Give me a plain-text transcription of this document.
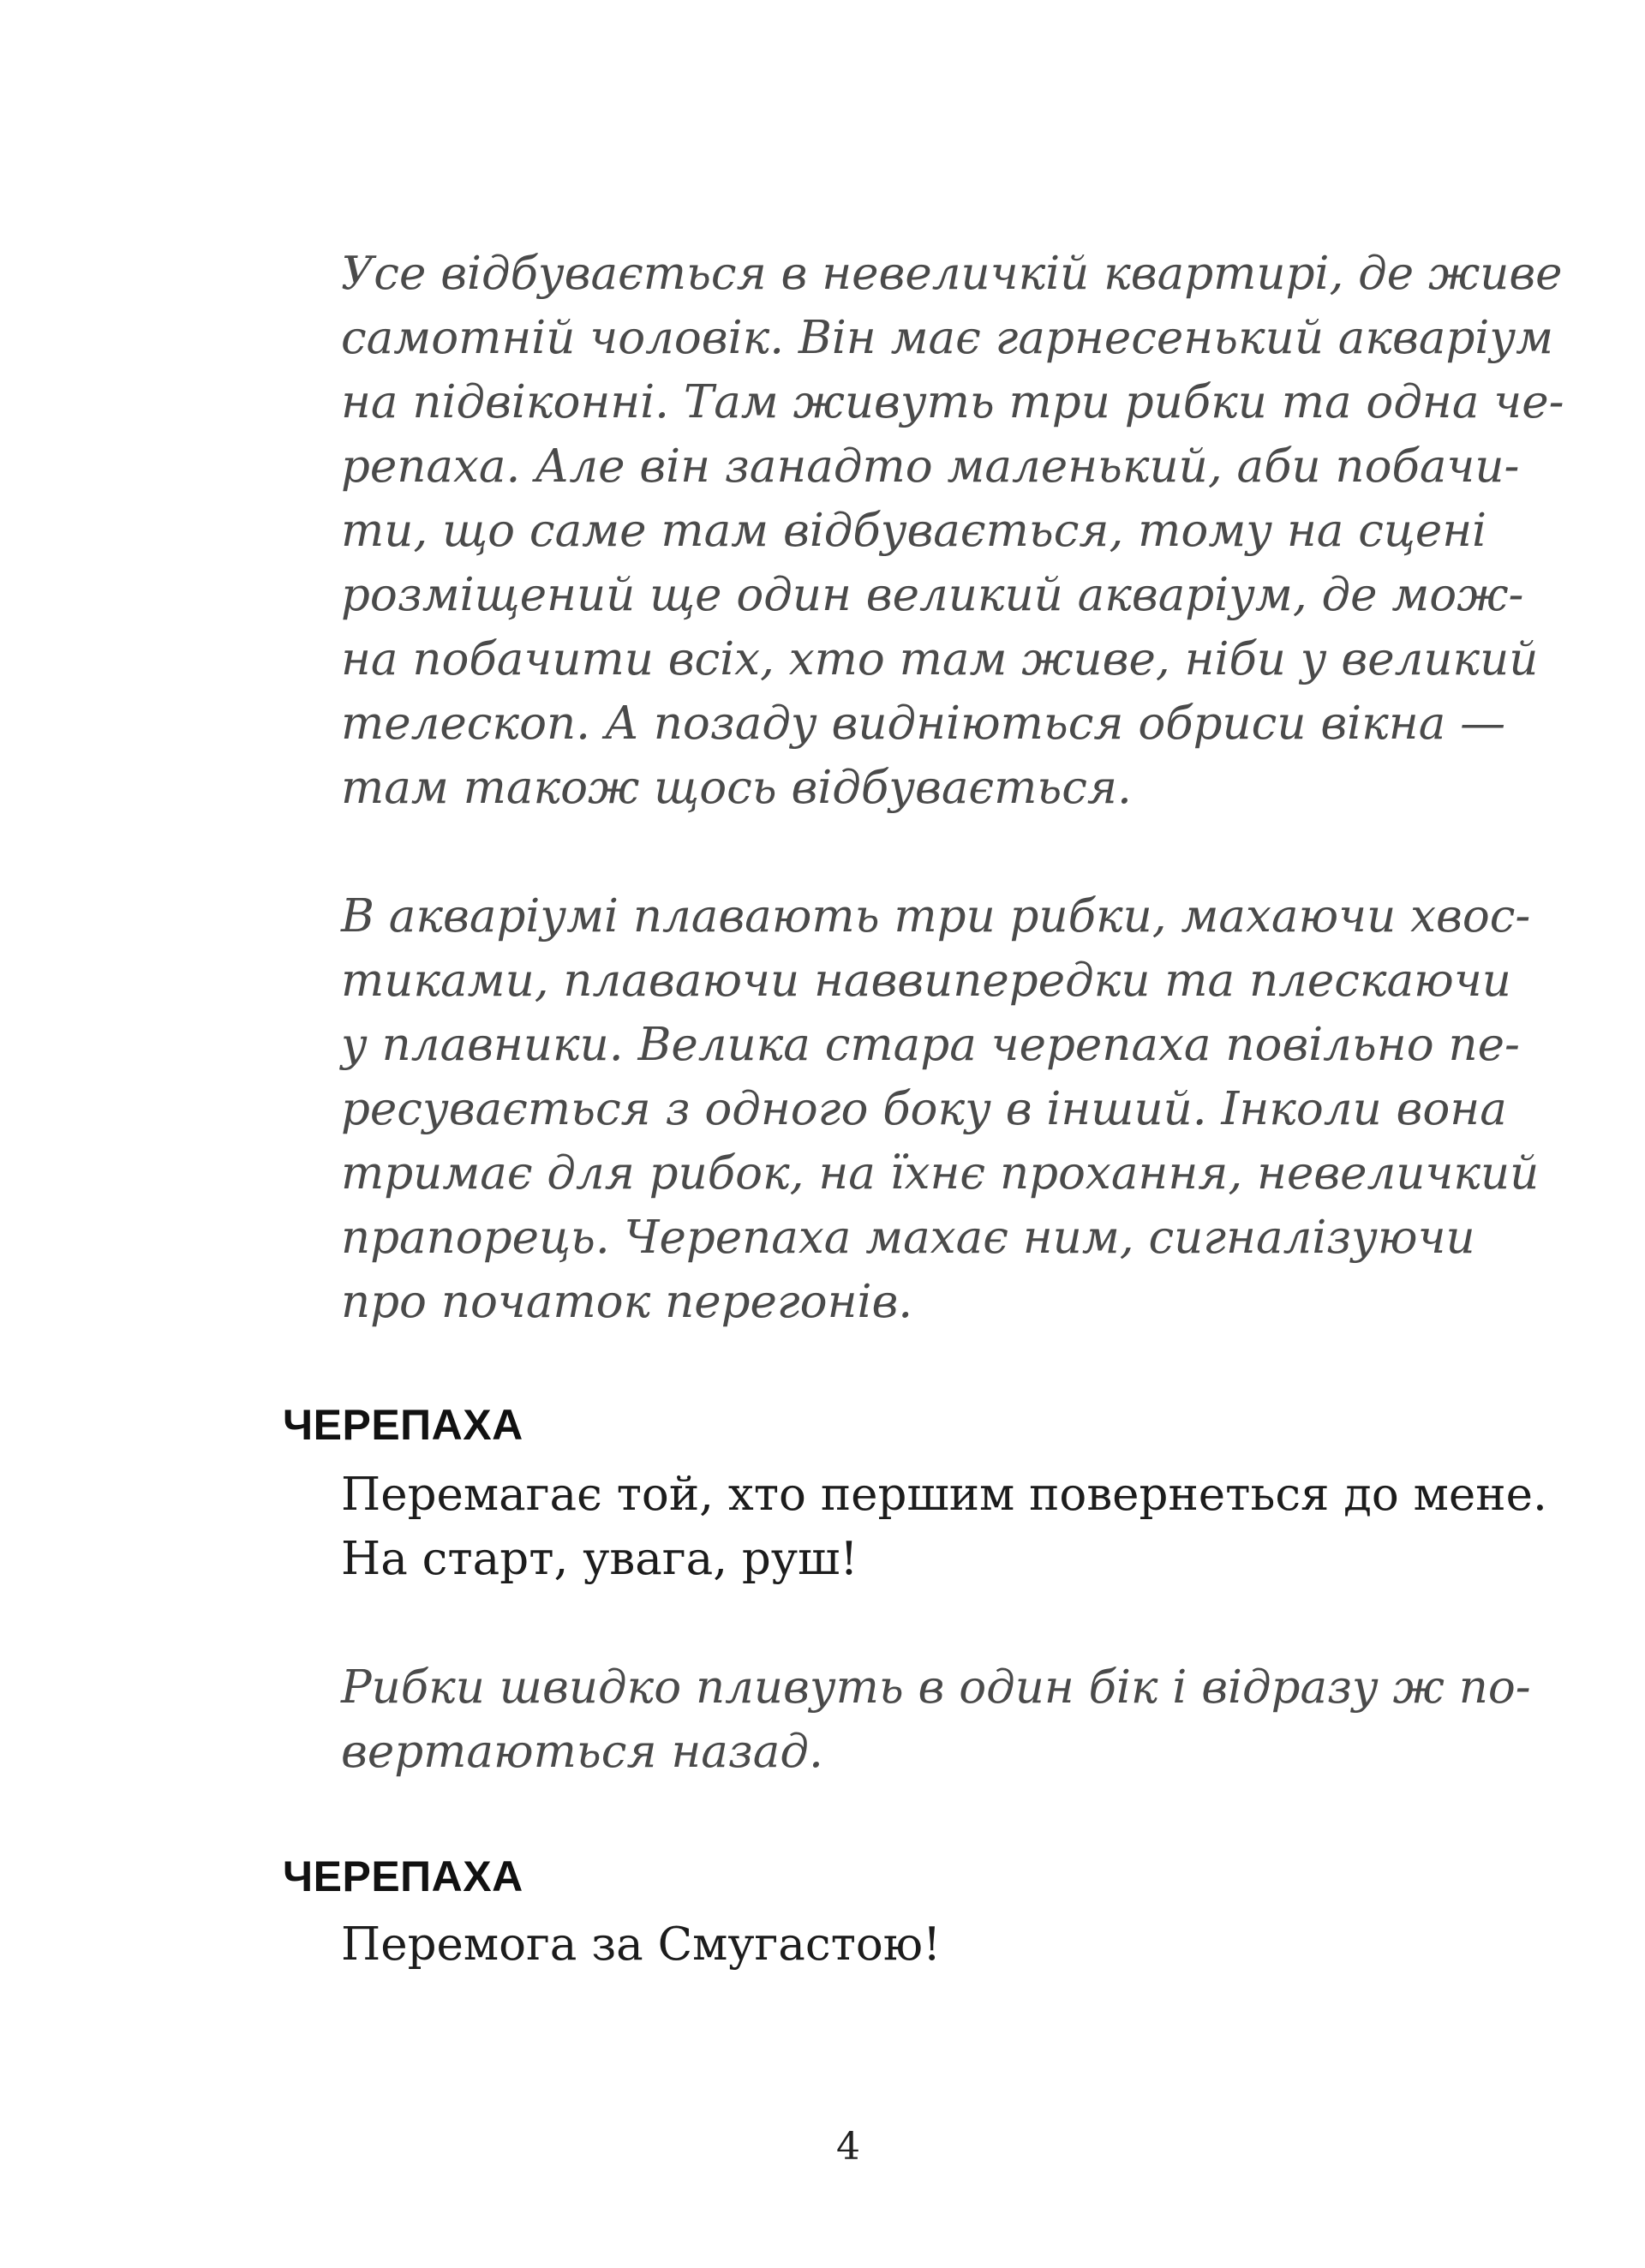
Усе відбувається в невеличкій квартирі, де живе
самотній чоловік. Він має гарнесенький акваріум
на підвіконні. Там живуть три рибки та одна че-
репаха. Але він занадто маленький, аби побачи-
ти, що саме там відбувається, тому на сцені
розміщений ще один великий акваріум, де мож-
на побачити всіх, хто там живе, ніби у великий
телескоп. А позаду видніються обриси вікна —
там також щось відбувається.
В акваріумі плавають три рибки, махаючи хвос-
тиками, плаваючи наввипередки та плескаючи
у плавники. Велика стара черепаха повільно пе-
ресувається з одного боку в інший. Інколи вона
тримає для рибок, на їхнє прохання, невеличкий
прапорець. Черепаха махає ним, сигналізуючи
про початок перегонів.
ЧЕРЕПАХА
Перемагає той, хто першим повернеться до мене.
На старт, увага, руш!
Рибки швидко пливуть в один бік і відразу ж по-
вертаються назад.
ЧЕРЕПАХА
Перемога за Смугастою!
4
